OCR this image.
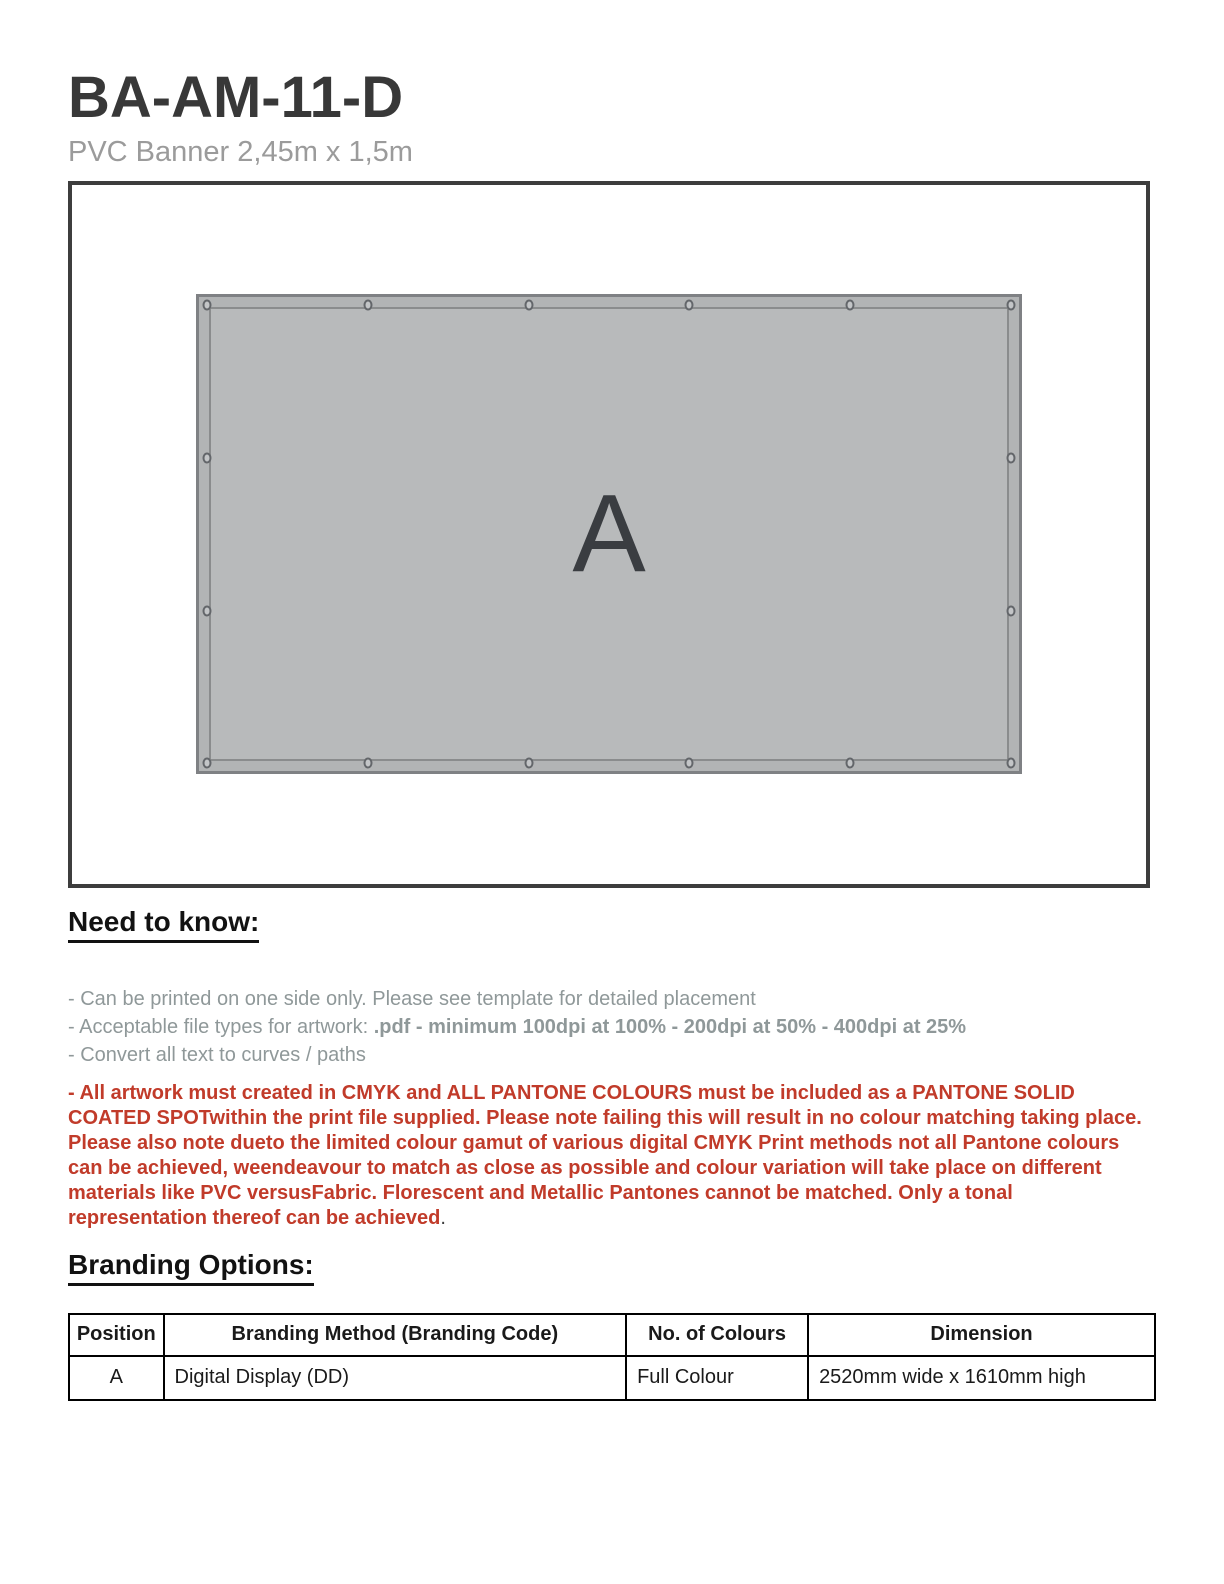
BA-AM-11-D
PVC Banner 2,45m x 1,5m
A
Need to know:
- Can be printed on one side only. Please see template for detailed placement
- Acceptable file types for artwork: .pdf - minimum 100dpi at 100% - 200dpi at 50% - 400dpi at 25%
- Convert all text to curves / paths

- All artwork must created in CMYK and ALL PANTONE COLOURS must be included as a PANTONE SOLID COATED SPOTwithin the print file supplied. Please note failing this will result in no colour matching taking place. Please also note dueto the limited colour gamut of various digital CMYK Print methods not all Pantone colours can be achieved, weendeavour to match as close as possible and colour variation will take place on different materials like PVC versusFabric. Florescent and Metallic Pantones cannot be matched. Only a tonal representation thereof can be achieved.

Branding Options:
Position	Branding Method (Branding Code)	No. of Colours	Dimension
A	Digital Display (DD)	Full Colour	2520mm wide x 1610mm high
